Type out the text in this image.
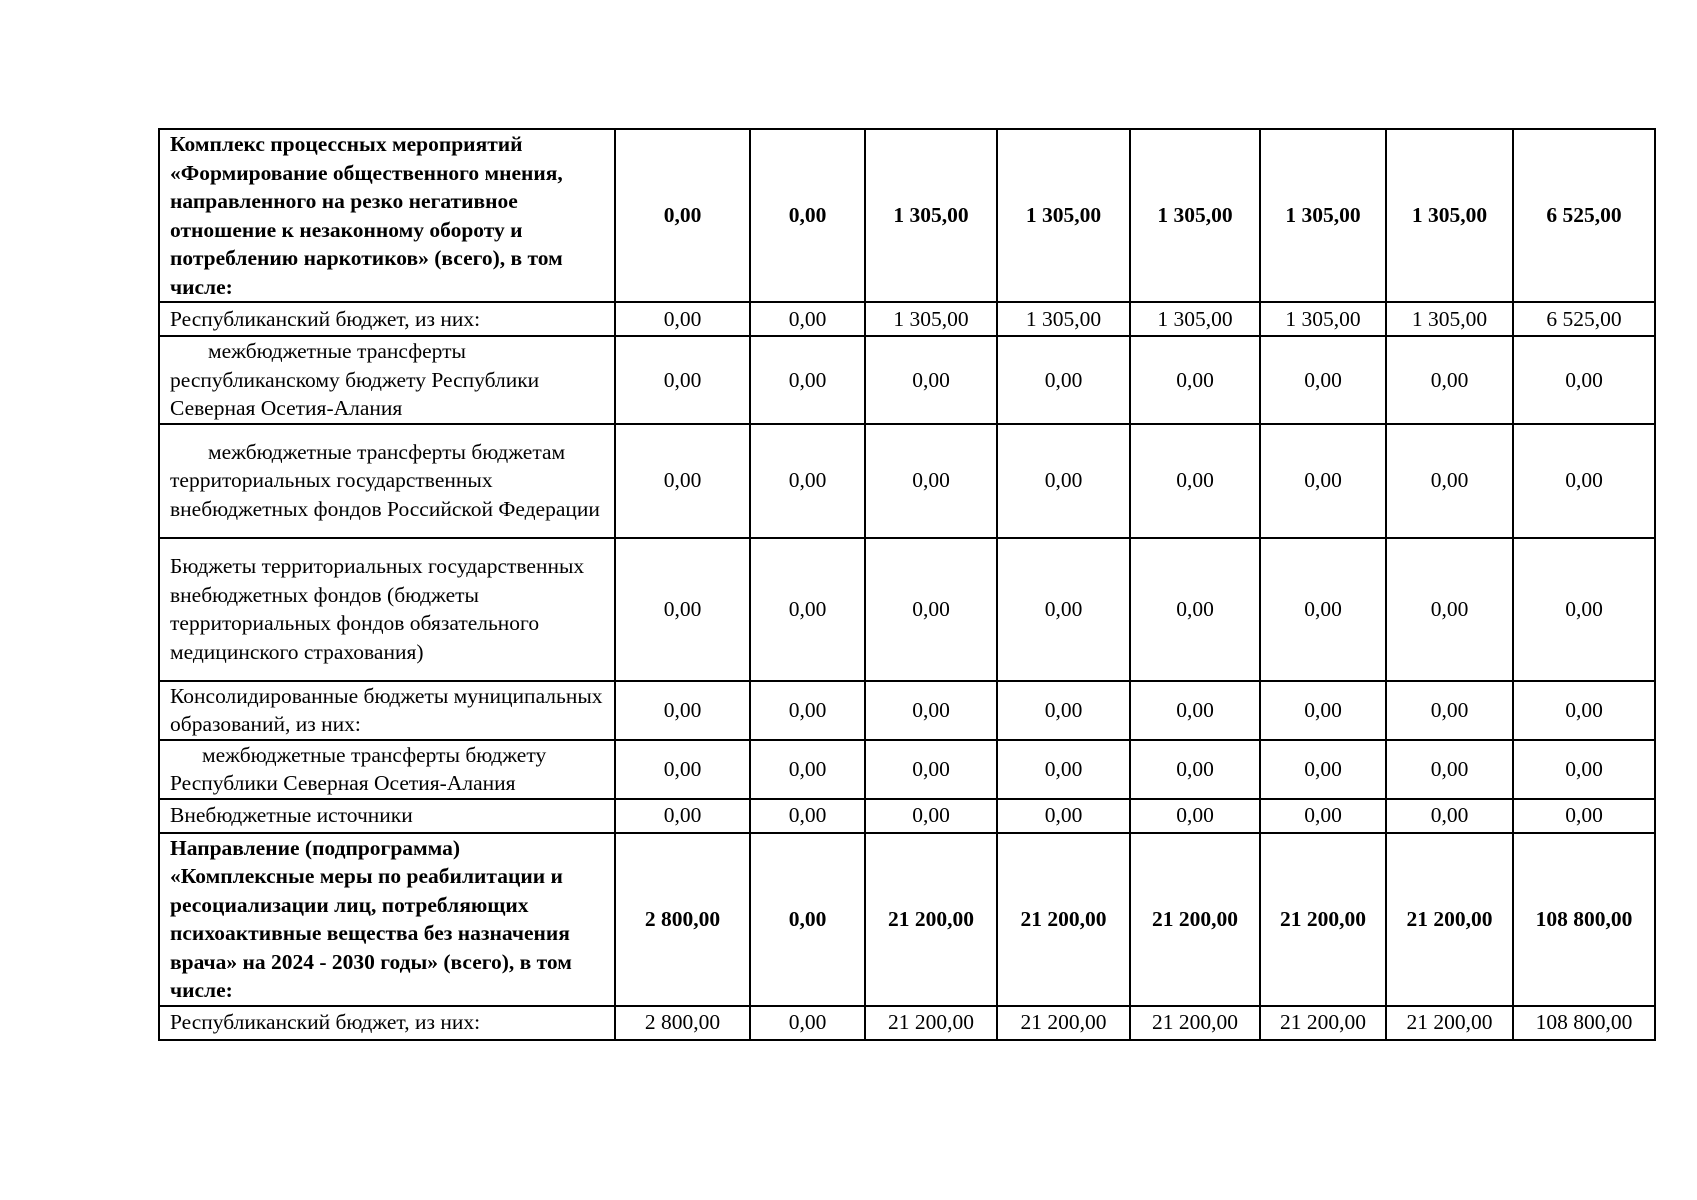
Комплекс процессных мероприятий «Формирование общественного мнения, направленного на резко негативное отношение к незаконному обороту и потреблению наркотиков» (всего), в том числе:	0,00	0,00	1 305,00	1 305,00	1 305,00	1 305,00	1 305,00	6 525,00
Республиканский бюджет, из них:	0,00	0,00	1 305,00	1 305,00	1 305,00	1 305,00	1 305,00	6 525,00

межбюджетные трансферты республиканскому бюджету Республики Северная Осетия-Алания	0,00	0,00	0,00	0,00	0,00	0,00	0,00	0,00

межбюджетные трансферты бюджетам территориальных государственных внебюджетных фондов Российской Федерации	0,00	0,00	0,00	0,00	0,00	0,00	0,00	0,00
Бюджеты территориальных государственных внебюджетных фондов (бюджеты территориальных фондов обязательного медицинского страхования)	0,00	0,00	0,00	0,00	0,00	0,00	0,00	0,00
Консолидированные бюджеты муниципальных образований, из них:	0,00	0,00	0,00	0,00	0,00	0,00	0,00	0,00

межбюджетные трансферты бюджету Республики Северная Осетия-Алания	0,00	0,00	0,00	0,00	0,00	0,00	0,00	0,00
Внебюджетные источники	0,00	0,00	0,00	0,00	0,00	0,00	0,00	0,00
Направление (подпрограмма) «Комплексные меры по реабилитации и ресоциализации лиц, потребляющих психоактивные вещества без назначения врача» на 2024 - 2030 годы» (всего), в том числе:	2 800,00	0,00	21 200,00	21 200,00	21 200,00	21 200,00	21 200,00	108 800,00
Республиканский бюджет, из них:	2 800,00	0,00	21 200,00	21 200,00	21 200,00	21 200,00	21 200,00	108 800,00
